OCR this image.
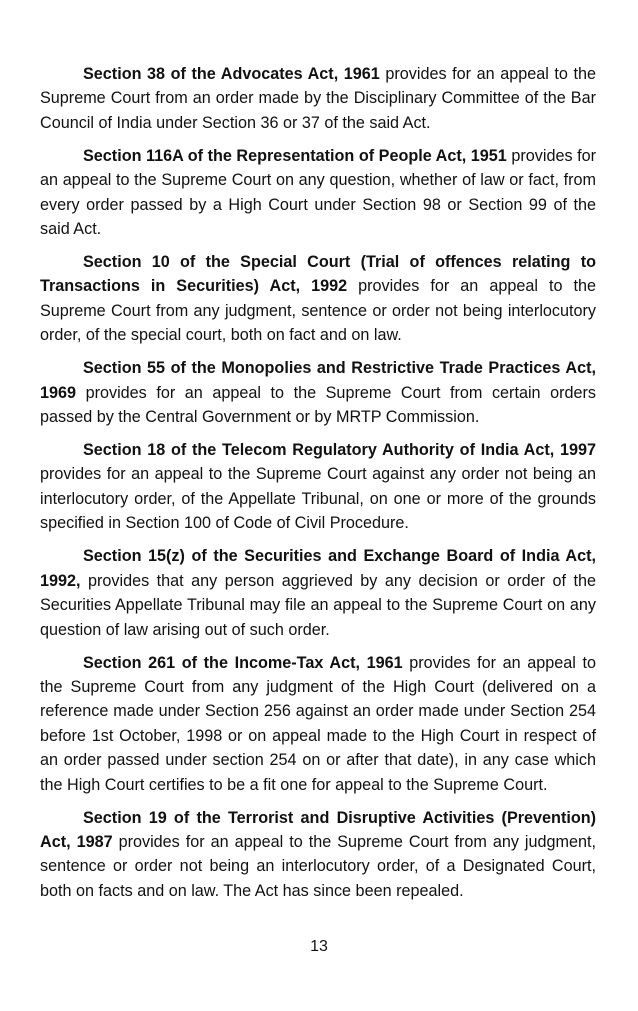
Section 38 of the Advocates Act, 1961 provides for an appeal to the Supreme Court from an order made by the Disciplinary Committee of the Bar Council of India under Section 36 or 37 of the said Act.

Section 116A of the Representation of People Act, 1951 provides for an appeal to the Supreme Court on any question, whether of law or fact, from every order passed by a High Court under Section 98 or Section 99 of the said Act.

Section 10 of the Special Court (Trial of offences relating to Transactions in Securities) Act, 1992 provides for an appeal to the Supreme Court from any judgment, sentence or order not being interlocutory order, of the special court, both on fact and on law.

Section 55 of the Monopolies and Restrictive Trade Practices Act, 1969 provides for an appeal to the Supreme Court from certain orders passed by the Central Government or by MRTP Commission.

Section 18 of the Telecom Regulatory Authority of India Act, 1997 provides for an appeal to the Supreme Court against any order not being an interlocutory order, of the Appellate Tribunal, on one or more of the grounds specified in Section 100 of Code of Civil Procedure.

Section 15(z) of the Securities and Exchange Board of India Act, 1992, provides that any person aggrieved by any decision or order of the Securities Appellate Tribunal may file an appeal to the Supreme Court on any question of law arising out of such order.

Section 261 of the Income-Tax Act, 1961 provides for an appeal to the Supreme Court from any judgment of the High Court (delivered on a reference made under Section 256 against an order made under Section 254 before 1st October, 1998 or on appeal made to the High Court in respect of an order passed under section 254 on or after that date), in any case which the High Court certifies to be a fit one for appeal to the Supreme Court.

Section 19 of the Terrorist and Disruptive Activities (Prevention) Act, 1987 provides for an appeal to the Supreme Court from any judgment, sentence or order not being an interlocutory order, of a Designated Court, both on facts and on law. The Act has since been repealed.

13
